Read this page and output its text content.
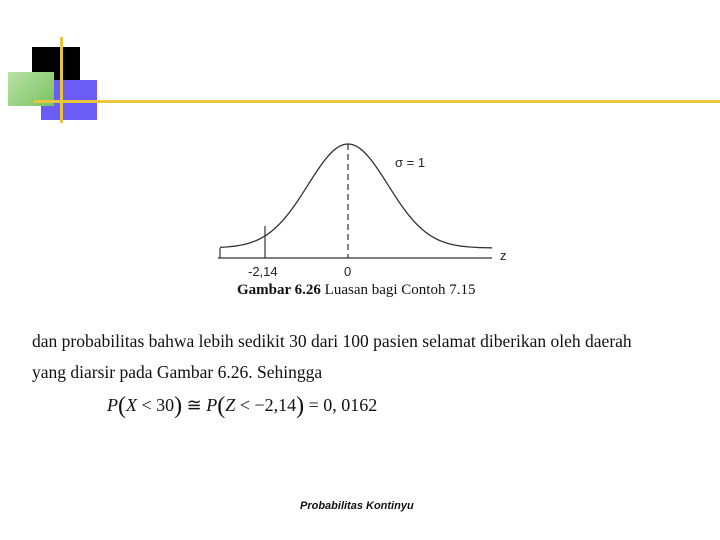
σ = 1
z
-2,14	0
Gambar 6.26 Luasan bagi Contoh 7.15
dan probabilitas bahwa lebih sedikit 30 dari 100 pasien selamat diberikan oleh daerah
yang diarsir pada Gambar 6.26. Sehingga
P(X < 30) ≅ P(Z < −2,14) = 0, 0162
Probabilitas Kontinyu
